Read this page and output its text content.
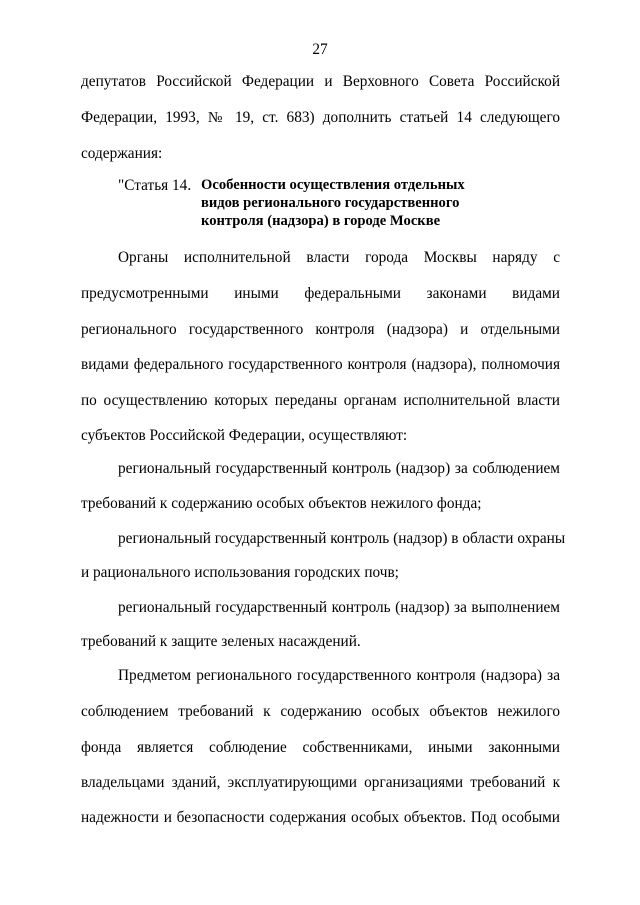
27
депутатов Российской Федерации и Верховного Совета Российской
Федерации, 1993, № 19, ст. 683) дополнить статьей 14 следующего
содержания:
"Статья 14. Особенности осуществления отдельных
видов регионального государственного
контроля (надзора) в городе Москве
Органы исполнительной власти города Москвы наряду с
предусмотренными иными федеральными законами видами
регионального государственного контроля (надзора) и отдельными
видами федерального государственного контроля (надзора), полномочия
по осуществлению которых переданы органам исполнительной власти
субъектов Российской Федерации, осуществляют:
региональный государственный контроль (надзор) за соблюдением
требований к содержанию особых объектов нежилого фонда;
региональный государственный контроль (надзор) в области охраны
и рационального использования городских почв;
региональный государственный контроль (надзор) за выполнением
требований к защите зеленых насаждений.
Предметом регионального государственного контроля (надзора) за
соблюдением требований к содержанию особых объектов нежилого
фонда является соблюдение собственниками, иными законными
владельцами зданий, эксплуатирующими организациями требований к
надежности и безопасности содержания особых объектов. Под особыми
